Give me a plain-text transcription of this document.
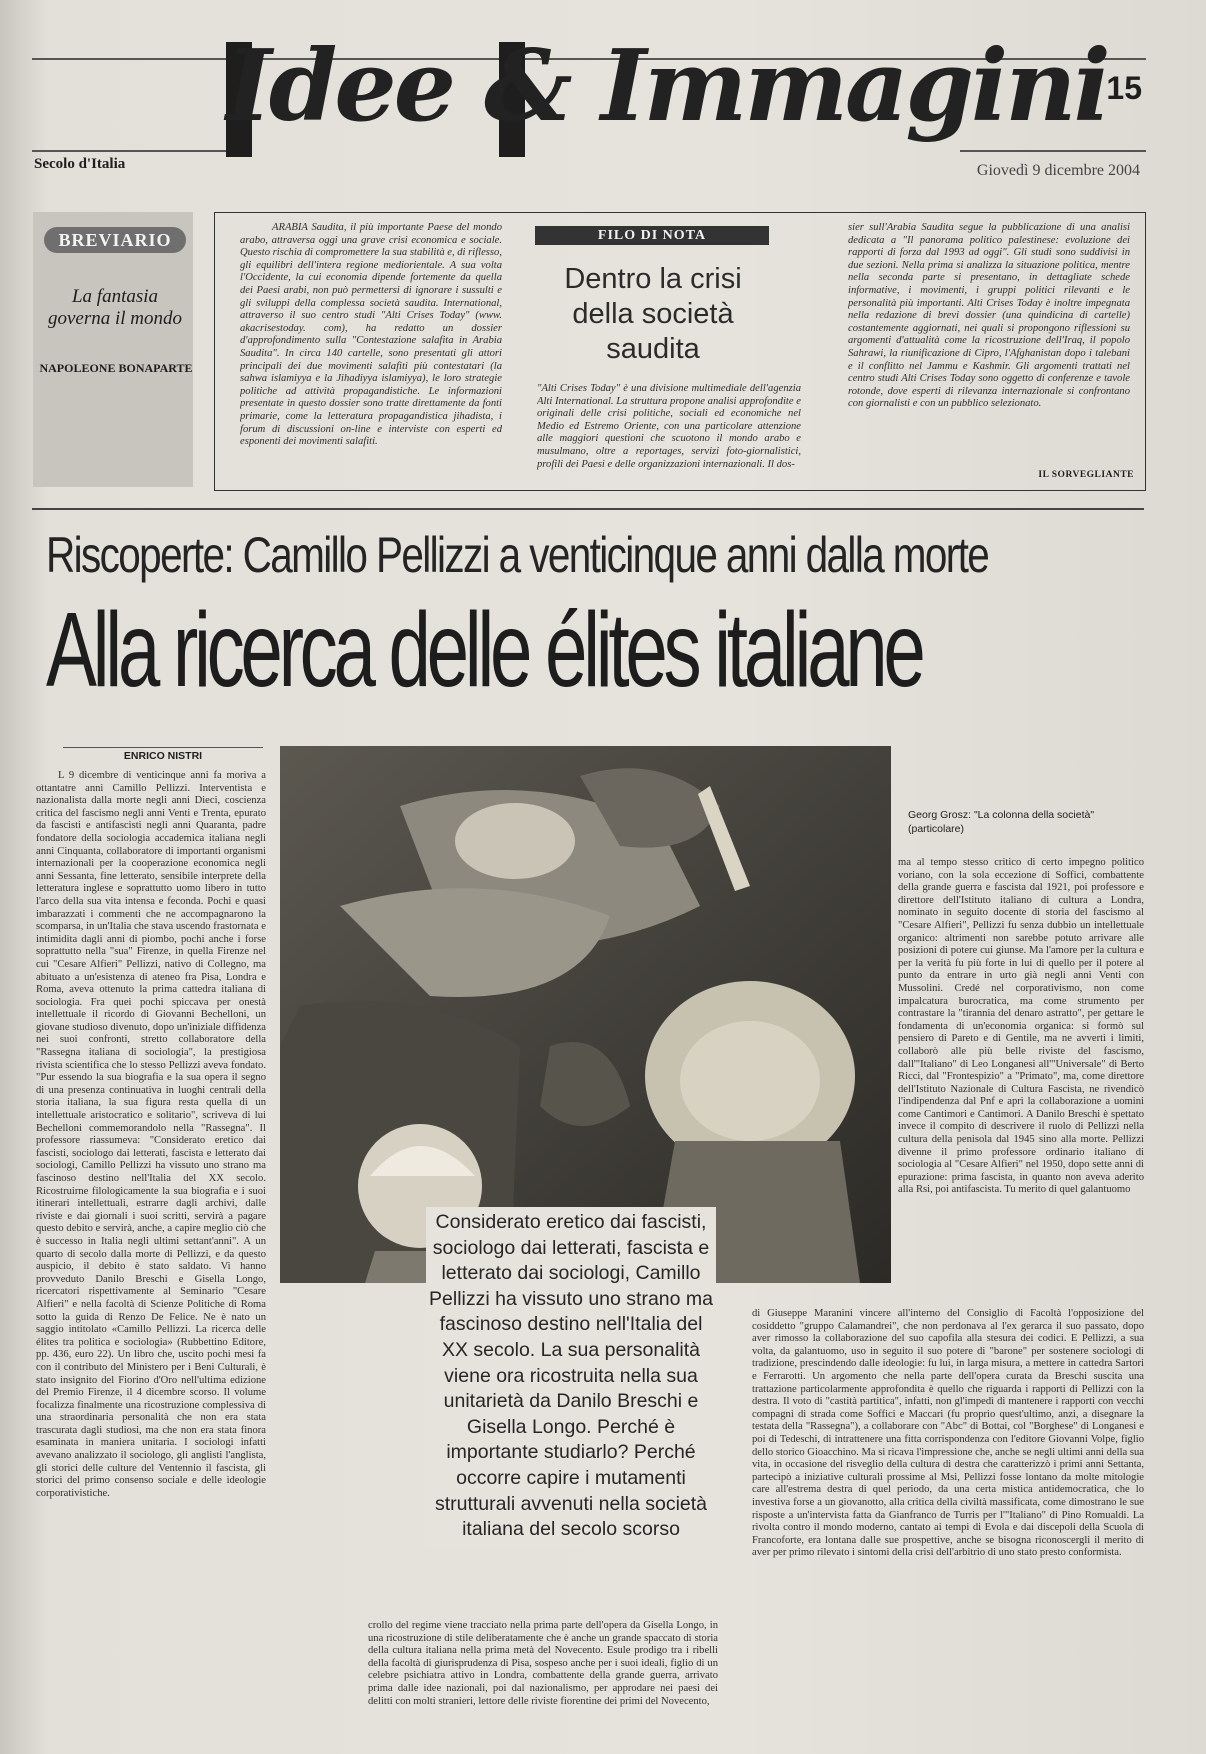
Idee & Immagini
15
Secolo d'Italia	Giovedì 9 dicembre 2004
BREVIARIO
La fantasia governa il mondo
NAPOLEONE BONAPARTE
ARABIA Saudita, il più importante Paese del mondo arabo, attraversa oggi una grave crisi economica e sociale. Questo rischia di compromettere la sua stabilità e, di riflesso, gli equilibri dell'intera regione mediorientale. A sua volta l'Occidente, la cui economia dipende fortemente da quella dei Paesi arabi, non può permettersi di ignorare i sussulti e gli sviluppi della complessa società saudita. International, attraverso il suo centro studi "Alti Crises Today" (www. akacrisestoday. com), ha redatto un dossier d'approfondimento sulla "Contestazione salafita in Arabia Saudita". In circa 140 cartelle, sono presentati gli attori principali dei due movimenti salafiti più contestatari (la sahwa islamiyya e la Jihadiyya islamiyya), le loro strategie politiche ad attività propagandistiche. Le informazioni presentate in questo dossier sono tratte direttamente da fonti primarie, come la letteratura propagandistica jihadista, i forum di discussioni on-line e interviste con esperti ed esponenti dei movimenti salafiti.
FILO DI NOTA
Dentro la crisi della società saudita
"Alti Crises Today" è una divisione multimediale dell'agenzia Alti International. La struttura propone analisi approfondite e originali delle crisi politiche, sociali ed economiche nel Medio ed Estremo Oriente, con una particolare attenzione alle maggiori questioni che scuotono il mondo arabo e musulmano, oltre a reportages, servizi foto-giornalistici, profili dei Paesi e delle organizzazioni internazionali. Il dos-
sier sull'Arabia Saudita segue la pubblicazione di una analisi dedicata a "Il panorama politico palestinese: evoluzione dei rapporti di forza dal 1993 ad oggi". Gli studi sono suddivisi in due sezioni. Nella prima si analizza la situazione politica, mentre nella seconda parte si presentano, in dettagliate schede informative, i movimenti, i gruppi politici rilevanti e le personalità più importanti. Alti Crises Today è inoltre impegnata nella redazione di brevi dossier (una quindicina di cartelle) costantemente aggiornati, nei quali si propongono riflessioni su argomenti d'attualità come la ricostruzione dell'Iraq, il popolo Sahrawi, la riunificazione di Cipro, l'Afghanistan dopo i talebani e il conflitto nel Jammu e Kashmir. Gli argomenti trattati nel centro studi Alti Crises Today sono oggetto di conferenze e tavole rotonde, dove esperti di rilevanza internazionale si confrontano con giornalisti e con un pubblico selezionato.
IL SORVEGLIANTE
Riscoperte: Camillo Pellizzi a venticinque anni dalla morte
Alla ricerca delle élites italiane
ENRICO NISTRI
L 9 dicembre di venticinque anni fa moriva a ottantatre anni Camillo Pellizzi. Interventista e nazionalista dalla morte negli anni Dieci, coscienza critica del fascismo negli anni Venti e Trenta, epurato da fascisti e antifascisti negli anni Quaranta, padre fondatore della sociologia accademica italiana negli anni Cinquanta, collaboratore di importanti organismi internazionali per la cooperazione economica negli anni Sessanta, fine letterato, sensibile interprete della letteratura inglese e soprattutto uomo libero in tutto l'arco della sua vita intensa e feconda. Pochi e quasi imbarazzati i commenti che ne accompagnarono la scomparsa, in un'Italia che stava uscendo frastornata e intimidita dagli anni di piombo, pochi anche i forse soprattutto nella "sua" Firenze, in quella Firenze nel cui "Cesare Alfieri" Pellizzi, nativo di Collegno, ma abituato a un'esistenza di ateneo fra Pisa, Londra e Roma, aveva ottenuto la prima cattedra italiana di sociologia. Fra quei pochi spiccava per onestà intellettuale il ricordo di Giovanni Bechelloni, un giovane studioso divenuto, dopo un'iniziale diffidenza nei suoi confronti, stretto collaboratore della "Rassegna italiana di sociologia", la prestigiosa rivista scientifica che lo stesso Pellizzi aveva fondato. "Pur essendo la sua biografia e la sua opera il segno di una presenza continuativa in luoghi centrali della storia italiana, la sua figura resta quella di un intellettuale aristocratico e solitario", scriveva di lui Bechelloni commemorandolo nella "Rassegna". Il professore riassumeva: "Considerato eretico dai fascisti, sociologo dai letterati, fascista e letterato dai sociologi, Camillo Pellizzi ha vissuto uno strano ma fascinoso destino nell'Italia del XX secolo. Ricostruirne filologicamente la sua biografia e i suoi itinerari intellettuali, estrarre dagli archivi, dalle riviste e dai giornali i suoi scritti, servirà a pagare questo debito e servirà, anche, a capire meglio ciò che è successo in Italia negli ultimi settant'anni". A un quarto di secolo dalla morte di Pellizzi, e da questo auspicio, il debito è stato saldato. Vi hanno provveduto Danilo Breschi e Gisella Longo, ricercatori rispettivamente al Seminario "Cesare Alfieri" e nella facoltà di Scienze Politiche di Roma sotto la guida di Renzo De Felice. Ne è nato un saggio intitolato «Camillo Pellizzi. La ricerca delle élites tra politica e sociologia» (Rubbettino Editore, pp. 436, euro 22). Un libro che, uscito pochi mesi fa con il contributo del Ministero per i Beni Culturali, è stato insignito del Fiorino d'Oro nell'ultima edizione del Premio Firenze, il 4 dicembre scorso. Il volume focalizza finalmente una ricostruzione complessiva di una straordinaria personalità che non era stata trascurata dagli studiosi, ma che non era stata finora esaminata in maniera unitaria. I sociologi infatti avevano analizzato il sociologo, gli anglisti l'anglista, gli storici delle culture del Ventennio il fascista, gli storici del primo consenso sociale e delle ideologie corporativistiche.
Georg Grosz: "La colonna della società" (particolare)
ma al tempo stesso critico di certo impegno politico voriano, con la sola eccezione di Soffici, combattente della grande guerra e fascista dal 1921, poi professore e direttore dell'Istituto italiano di cultura a Londra, nominato in seguito docente di storia del fascismo al "Cesare Alfieri", Pellizzi fu senza dubbio un intellettuale organico: altrimenti non sarebbe potuto arrivare alle posizioni di potere cui giunse. Ma l'amore per la cultura e per la verità fu più forte in lui di quello per il potere al punto da entrare in urto già negli anni Venti con Mussolini. Credé nel corporativismo, non come impalcatura burocratica, ma come strumento per contrastare la "tirannia del denaro astratto", per gettare le fondamenta di un'economia organica: si formò sul pensiero di Pareto e di Gentile, ma ne avvertì i limiti, collaborò alle più belle riviste del fascismo, dall'"Italiano" di Leo Longanesi all'"Universale" di Berto Ricci, dal "Frontespizio" a "Primato", ma, come direttore dell'Istituto Nazionale di Cultura Fascista, ne rivendicò l'indipendenza dal Pnf e aprì la collaborazione a uomini come Cantimori e Cantimori. A Danilo Breschi è spettato invece il compito di descrivere il ruolo di Pellizzi nella cultura della penisola dal 1945 sino alla morte. Pellizzi divenne il primo professore ordinario italiano di sociologia al "Cesare Alfieri" nel 1950, dopo sette anni di epurazione: prima fascista, in quanto non aveva aderito alla Rsi, poi antifascista. Tu merito di quel galantuomo
Considerato eretico dai fascisti, sociologo dai letterati, fascista e letterato dai sociologi, Camillo Pellizzi ha vissuto uno strano ma fascinoso destino nell'Italia del XX secolo. La sua personalità viene ora ricostruita nella sua unitarietà da Danilo Breschi e Gisella Longo. Perché è importante studiarlo? Perché occorre capire i mutamenti strutturali avvenuti nella società italiana del secolo scorso
crollo del regime viene tracciato nella prima parte dell'opera da Gisella Longo, in una ricostruzione di stile deliberatamente che è anche un grande spaccato di storia della cultura italiana nella prima metà del Novecento. Esule prodigo tra i ribelli della facoltà di giurisprudenza di Pisa, sospeso anche per i suoi ideali, figlio di un celebre psichiatra attivo in Londra, combattente della grande guerra, arrivato prima dalle idee nazionali, poi dal nazionalismo, per approdare nei paesi dei delitti con molti stranieri, lettore delle riviste fiorentine dei primi del Novecento,
di Giuseppe Maranini vincere all'interno del Consiglio di Facoltà l'opposizione del cosiddetto "gruppo Calamandrei", che non perdonava al l'ex gerarca il suo passato, dopo aver rimosso la collaborazione del suo capofila alla stesura dei codici. E Pellizzi, a sua volta, da galantuomo, uso in seguito il suo potere di "barone" per sostenere sociologi di tradizione, prescindendo dalle ideologie: fu lui, in larga misura, a mettere in cattedra Sartori e Ferrarotti. Un argomento che nella parte dell'opera curata da Breschi suscita una trattazione particolarmente approfondita è quello che riguarda i rapporti di Pellizzi con la destra. Il voto di "castità partitica", infatti, non gl'impedì di mantenere i rapporti con vecchi compagni di strada come Soffici e Maccari (fu proprio quest'ultimo, anzi, a disegnare la testata della "Rassegna"), a collaborare con "Abc" di Bottai, col "Borghese" di Longanesi e poi di Tedeschi, di intrattenere una fitta corrispondenza con l'editore Giovanni Volpe, figlio dello storico Gioacchino. Ma si ricava l'impressione che, anche se negli ultimi anni della sua vita, in occasione del risveglio della cultura di destra che caratterizzò i primi anni Settanta, partecipò a iniziative culturali prossime al Msi, Pellizzi fosse lontano da molte mitologie care all'estrema destra di quel periodo, da una certa mistica antidemocratica, che lo investiva forse a un giovanotto, alla critica della civiltà massificata, come dimostrano le sue risposte a un'intervista fatta da Gianfranco de Turris per l'"Italiano" di Pino Romualdi. La rivolta contro il mondo moderno, cantato ai tempi di Evola e dai discepoli della Scuola di Francoforte, era lontana dalle sue prospettive, anche se bisogna riconoscergli il merito di aver per primo rilevato i sintomi della crisi dell'arbitrio di uno stato presto conformista.
